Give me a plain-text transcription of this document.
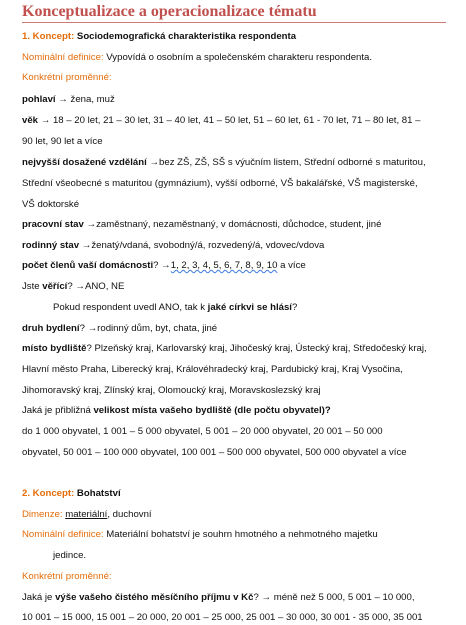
Konceptualizace a operacionalizace tématu
1. Koncept: Sociodemografická charakteristika respondenta
Nominální definice: Vypovídá o osobním a společenském charakteru respondenta.
Konkrétní proměnné:
pohlaví → žena, muž
věk → 18 – 20 let, 21 – 30 let, 31 – 40 let, 41 – 50 let, 51 – 60 let, 61 - 70 let, 71 – 80 let, 81 –
90 let, 90 let a více
nejvyšší dosažené vzdělání →bez ZŠ, ZŠ, SŠ s výučním listem, Střední odborné s maturitou,
Střední všeobecné s maturitou (gymnázium), vyšší odborné, VŠ bakalářské, VŠ magisterské,
VŠ doktorské
pracovní stav →zaměstnaný, nezaměstnaný, v domácnosti, důchodce, student, jiné
rodinný stav →ženatý/vdaná, svobodný/á, rozvedený/á, vdovec/vdova
počet členů vaší domácnosti? →1, 2, 3, 4, 5, 6, 7, 8, 9, 10 a více
Jste věřící? →ANO, NE
Pokud respondent uvedl ANO, tak k jaké církvi se hlásí?
druh bydlení? →rodinný dům, byt, chata, jiné
místo bydliště? Plzeňský kraj, Karlovarský kraj, Jihočeský kraj, Ústecký kraj, Středočeský kraj,
Hlavní město Praha, Liberecký kraj, Královéhradecký kraj, Pardubický kraj, Kraj Vysočina,
Jihomoravský kraj, Zlínský kraj, Olomoucký kraj, Moravskoslezský kraj
Jaká je přibližná velikost místa vašeho bydliště (dle počtu obyvatel)?
do 1 000 obyvatel, 1 001 – 5 000 obyvatel, 5 001 – 20 000 obyvatel, 20 001 – 50 000
obyvatel, 50 001 – 100 000 obyvatel, 100 001 – 500 000 obyvatel, 500 000 obyvatel a více
2. Koncept: Bohatství
Dimenze: materiální, duchovní
Nominální definice: Materiální bohatství je souhrn hmotného a nehmotného majetku
jedince.
Konkrétní proměnné:
Jaká je výše vašeho čistého měsíčního příjmu v Kč? → méně než 5 000, 5 001 – 10 000,
10 001 – 15 000, 15 001 – 20 000, 20 001 – 25 000, 25 001 – 30 000, 30 001 - 35 000, 35 001
